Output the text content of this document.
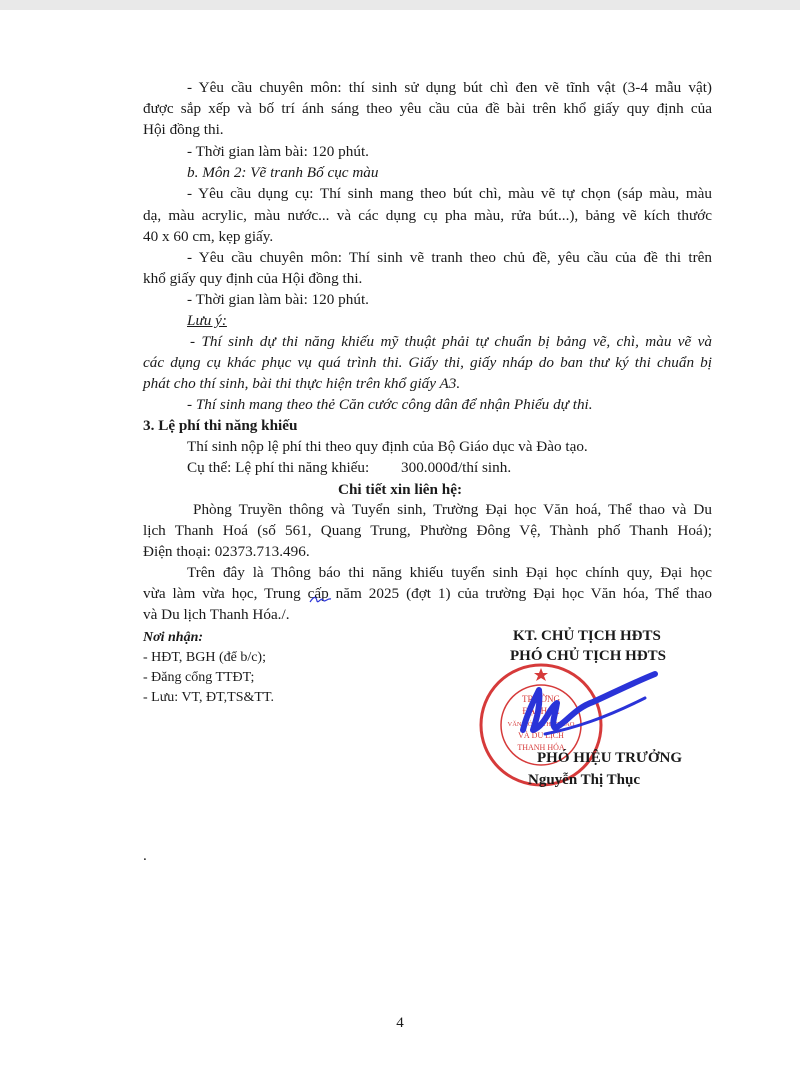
- Yêu cầu chuyên môn: thí sinh sử dụng bút chì đen vẽ tĩnh vật (3-4 mẫu vật)
được sắp xếp và bố trí ánh sáng theo yêu cầu của đề bài trên khổ giấy quy định của
Hội đồng thi.
- Thời gian làm bài: 120 phút.
b. Môn 2: Vẽ tranh Bố cục màu
- Yêu cầu dụng cụ: Thí sinh mang theo bút chì, màu vẽ tự chọn (sáp màu, màu
dạ, màu acrylic, màu nước... và các dụng cụ pha màu, rửa bút...), bảng vẽ kích thước
40 x 60 cm, kẹp giấy.
- Yêu cầu chuyên môn: Thí sinh vẽ tranh theo chủ đề, yêu cầu của đề thi trên
khổ giấy quy định của Hội đồng thi.
- Thời gian làm bài: 120 phút.
Lưu ý:
- Thí sinh dự thi năng khiếu mỹ thuật phải tự chuẩn bị bảng vẽ, chì, màu vẽ và
các dụng cụ khác phục vụ quá trình thi. Giấy thi, giấy nháp do ban thư ký thi chuẩn bị
phát cho thí sinh, bài thi thực hiện trên khổ giấy A3.
- Thí sinh mang theo thẻ Căn cước công dân để nhận Phiếu dự thi.
3. Lệ phí thi năng khiếu
Thí sinh nộp lệ phí thi theo quy định của Bộ Giáo dục và Đào tạo.
Cụ thể: Lệ phí thi năng khiếu: 300.000đ/thí sinh.
Chi tiết xin liên hệ:
Phòng Truyền thông và Tuyển sinh, Trường Đại học Văn hoá, Thể thao và Du
lịch Thanh Hoá (số 561, Quang Trung, Phường Đông Vệ, Thành phố Thanh Hoá);
Điện thoại: 02373.713.496.
Trên đây là Thông báo thi năng khiếu tuyển sinh Đại học chính quy, Đại học
vừa làm vừa học, Trung cấp năm 2025 (đợt 1) của trường Đại học Văn hóa, Thể thao
và Du lịch Thanh Hóa./.
Nơi nhận:
- HĐT, BGH (để b/c);
- Đăng cổng TTĐT;
- Lưu: VT, ĐT,TS&TT.
KT. CHỦ TỊCH HĐTS
PHÓ CHỦ TỊCH HĐTS
TRƯỜNG
ĐẠI HỌC
VĂN HÓA - THỂ THAO
VÀ DU LỊCH
THANH HÓA
PHÓ HIỆU TRƯỞNG
Nguyễn Thị Thục
.
4
